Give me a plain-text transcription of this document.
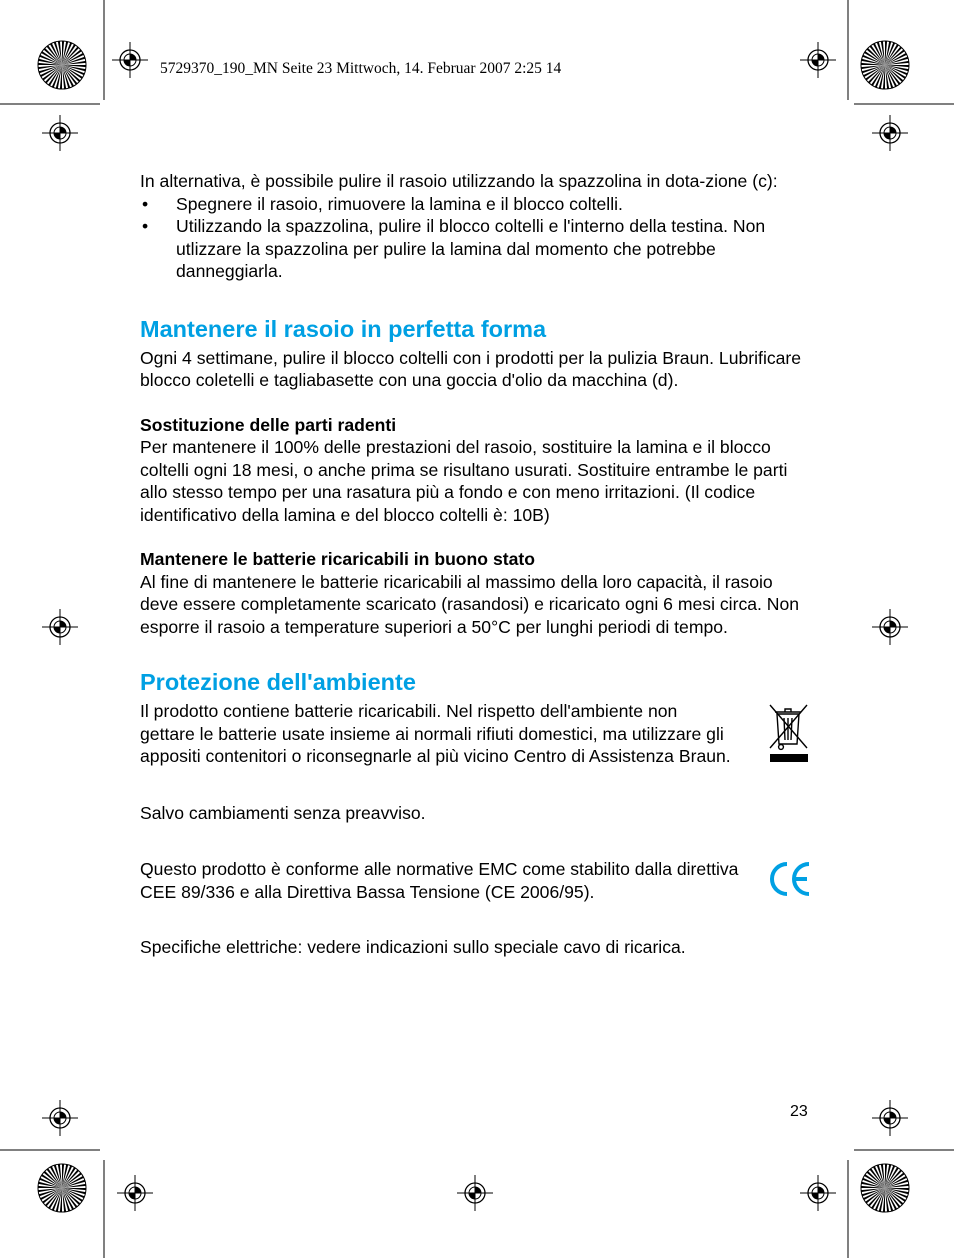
5729370_190_MN Seite 23 Mittwoch, 14. Februar 2007 2:25 14

In alternativa, è possibile pulire il rasoio utilizzando la spazzolina in dota-zione (c):

• Spegnere il rasoio, rimuovere la lamina e il blocco coltelli.
• Utilizzando la spazzolina, pulire il blocco coltelli e l'interno della testina. Non utlizzare la spazzolina per pulire la lamina dal momento che potrebbe danneggiarla.
Mantenere il rasoio in perfetta forma

Ogni 4 settimane, pulire il blocco coltelli con i prodotti per la pulizia Braun. Lubrificare blocco coletelli e tagliabasette con una goccia d'olio da macchina (d).

Sostituzione delle parti radenti

Per mantenere il 100% delle prestazioni del rasoio, sostituire la lamina e il blocco coltelli ogni 18 mesi, o anche prima se risultano usurati. Sostituire entrambe le parti allo stesso tempo per una rasatura più a fondo e con meno irritazioni. (Il codice identificativo della lamina e del blocco coltelli è: 10B)

Mantenere le batterie ricaricabili in buono stato

Al fine di mantenere le batterie ricaricabili al massimo della loro capacità, il rasoio deve essere completamente scaricato (rasandosi) e ricaricato ogni 6 mesi circa. Non esporre il rasoio a temperature superiori a 50°C per lunghi periodi di tempo.

Protezione dell'ambiente

Il prodotto contiene batterie ricaricabili. Nel rispetto dell'ambiente non gettare le batterie usate insieme ai normali rifiuti domestici, ma utilizzare gli appositi contenitori o riconsegnarle al più vicino Centro di Assistenza Braun.

Salvo cambiamenti senza preavviso.

Questo prodotto è conforme alle normative EMC come stabilito dalla direttiva CEE 89/336 e alla Direttiva Bassa Tensione (CE 2006/95).

Specifiche elettriche: vedere indicazioni sullo speciale cavo di ricarica.

23
